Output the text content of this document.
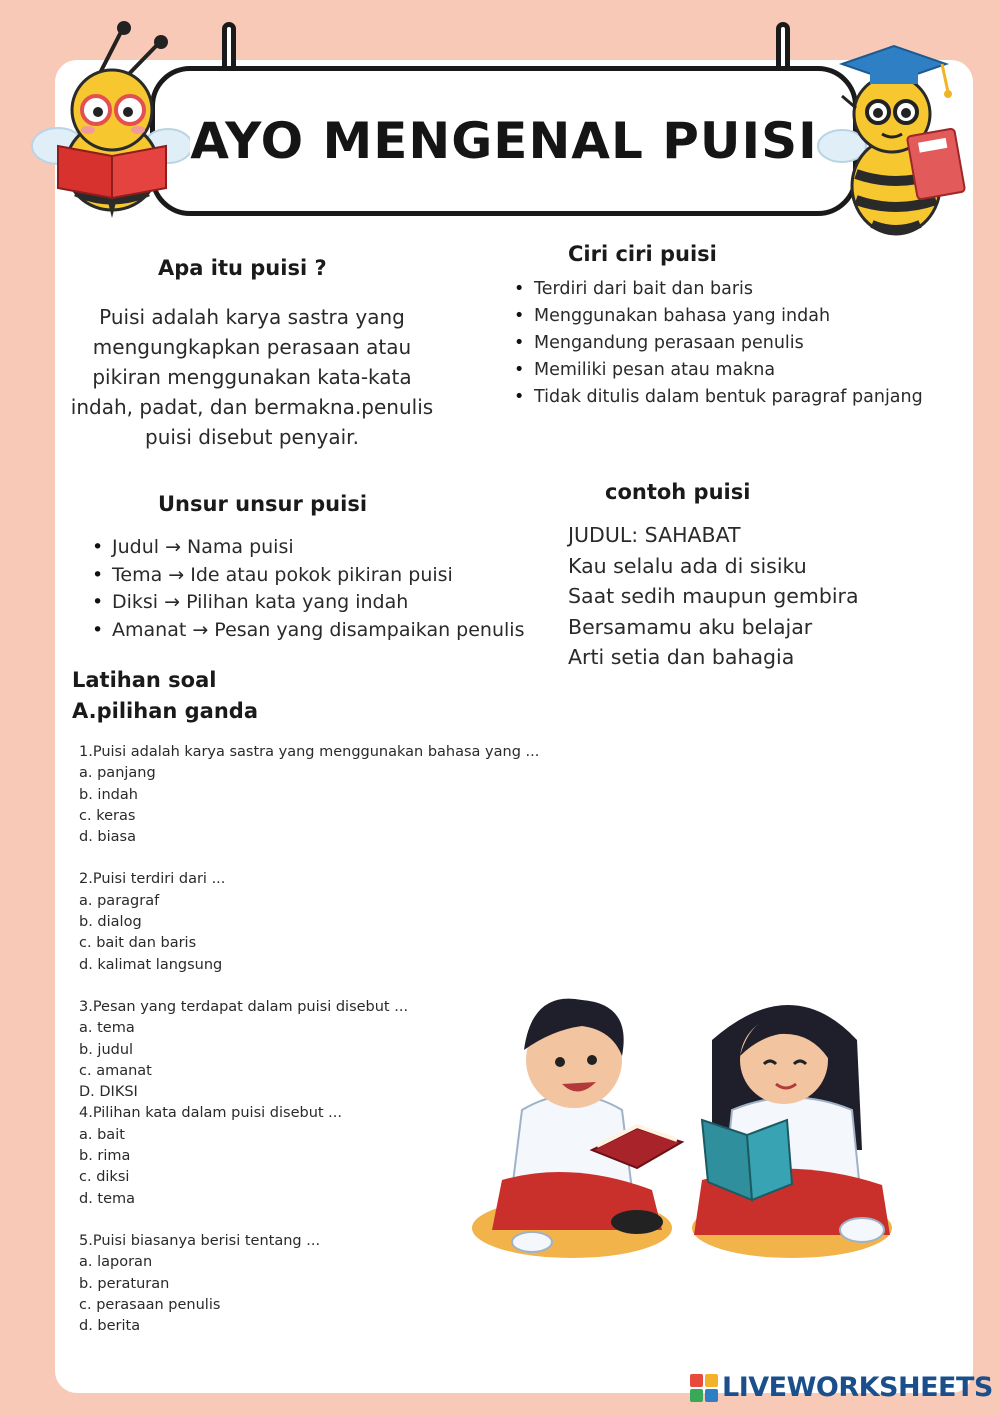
AYO MENGENAL PUISI
Apa itu puisi ?

Puisi adalah karya sastra yang mengungkapkan perasaan atau pikiran menggunakan kata-kata indah, padat, dan bermakna.penulis puisi disebut penyair.

Ciri ciri puisi
• Terdiri dari bait dan baris
• Menggunakan bahasa yang indah
• Mengandung perasaan penulis
• Memiliki pesan atau makna
• Tidak ditulis dalam bentuk paragraf panjang
Unsur unsur puisi
• Judul → Nama puisi
• Tema → Ide atau pokok pikiran puisi
• Diksi → Pilihan kata yang indah
• Amanat → Pesan yang disampaikan penulis
contoh puisi
JUDUL: SAHABAT
Kau selalu ada di sisiku
Saat sedih maupun gembira
Bersamamu aku belajar
Arti setia dan bahagia
Latihan soal
A.pilihan ganda
1.Puisi adalah karya sastra yang menggunakan bahasa yang ...
a. panjang
b. indah
c. keras
d. biasa
2.Puisi terdiri dari ...
a. paragraf
b. dialog
c. bait dan baris
d. kalimat langsung
3.Pesan yang terdapat dalam puisi disebut ...
a. tema
b. judul
c. amanat
D. DIKSI
4.Pilihan kata dalam puisi disebut ...
a. bait
b. rima
c. diksi
d. tema
5.Puisi biasanya berisi tentang ...
a. laporan
b. peraturan
c. perasaan penulis
d. berita
LIVEWORKSHEETS
